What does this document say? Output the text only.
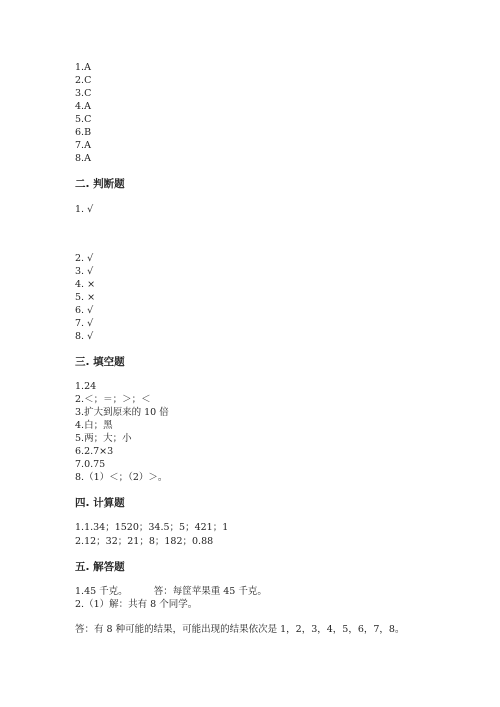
1.A
2.C
3.C
4.A
5.C
6.B
7.A
8.A
二. 判断题
1. √
2. √
3. √
4. ×
5. ×
6. √
7. √
8. √
三. 填空题
1.24
2.＜；＝；＞；＜
3.扩大到原来的 10 倍
4.白；黑
5.两；大；小
6.2.7×3
7.0.75
8.（1）＜；（2）＞。
四. 计算题
1.1.34；1520；34.5；5；421；1
2.12；32；21；8；182；0.88
五. 解答题
1.45 千克。	答：每筐苹果重 45 千克。
2.（1）解：共有 8 个同学。
答：有 8 种可能的结果，可能出现的结果依次是 1，2，3，4，5，6，7，8。
